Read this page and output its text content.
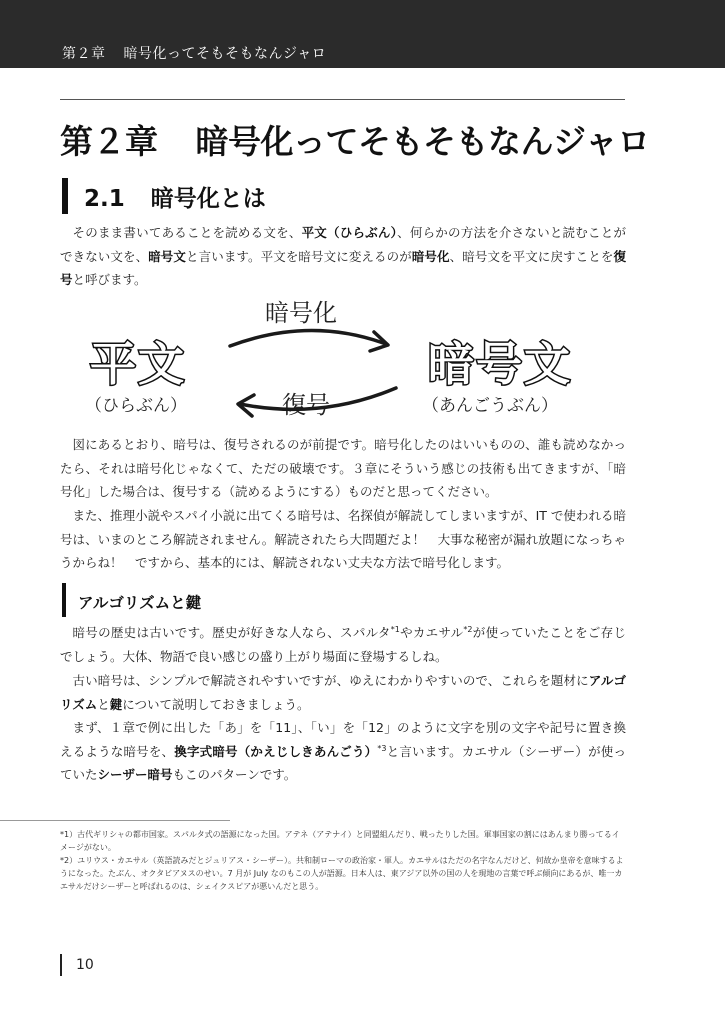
第２章 暗号化ってそもそもなんジャロ
第２章 暗号化ってそもそもなんジャロ
2.1 暗号化とは
そのまま書いてあることを読める文を、平文（ひらぶん）、何らかの方法を介さないと読むことができない文を、暗号文と言います。平文を暗号文に変えるのが暗号化、暗号文を平文に戻すことを復号と呼びます。
平文
（ひらぶん）
暗号文
（あんごうぶん）
暗号化
復号
図にあるとおり、暗号は、復号されるのが前提です。暗号化したのはいいものの、誰も読めなかったら、それは暗号化じゃなくて、ただの破壊です。３章にそういう感じの技術も出てきますが、「暗号化」した場合は、復号する（読めるようにする）ものだと思ってください。
また、推理小説やスパイ小説に出てくる暗号は、名探偵が解読してしまいますが、IT で使われる暗号は、いまのところ解読されません。解読されたら大問題だよ！　大事な秘密が漏れ放題になっちゃうからね！　ですから、基本的には、解読されない丈夫な方法で暗号化します。
アルゴリズムと鍵
暗号の歴史は古いです。歴史が好きな人なら、スパルタ$^{*1}$やカエサル$^{*2}$が使っていたことをご存じでしょう。大体、物語で良い感じの盛り上がり場面に登場するしね。
古い暗号は、シンプルで解読されやすいですが、ゆえにわかりやすいので、これらを題材にアルゴリズムと鍵について説明しておきましょう。
まず、１章で例に出した「あ」を「11」、「い」を「12」のように文字を別の文字や記号に置き換えるような暗号を、換字式暗号（かえじしきあんごう）$^{*3}$と言います。カエサル（シーザー）が使っていたシーザー暗号もこのパターンです。
*1）古代ギリシャの都市国家。スパルタ式の語源になった国。アテネ（アテナイ）と同盟組んだり、戦ったりした国。軍事国家の割にはあんまり勝ってるイメージがない。
*2）ユリウス・カエサル（英語読みだとジュリアス・シーザー）。共和制ローマの政治家・軍人。カエサルはただの名字なんだけど、何故か皇帝を意味するようになった。たぶん、オクタビアヌスのせい。7 月が July なのもこの人が語源。日本人は、東アジア以外の国の人を現地の言葉で呼ぶ傾向にあるが、唯一カエサルだけシーザーと呼ばれるのは、シェイクスピアが悪いんだと思う。
10
